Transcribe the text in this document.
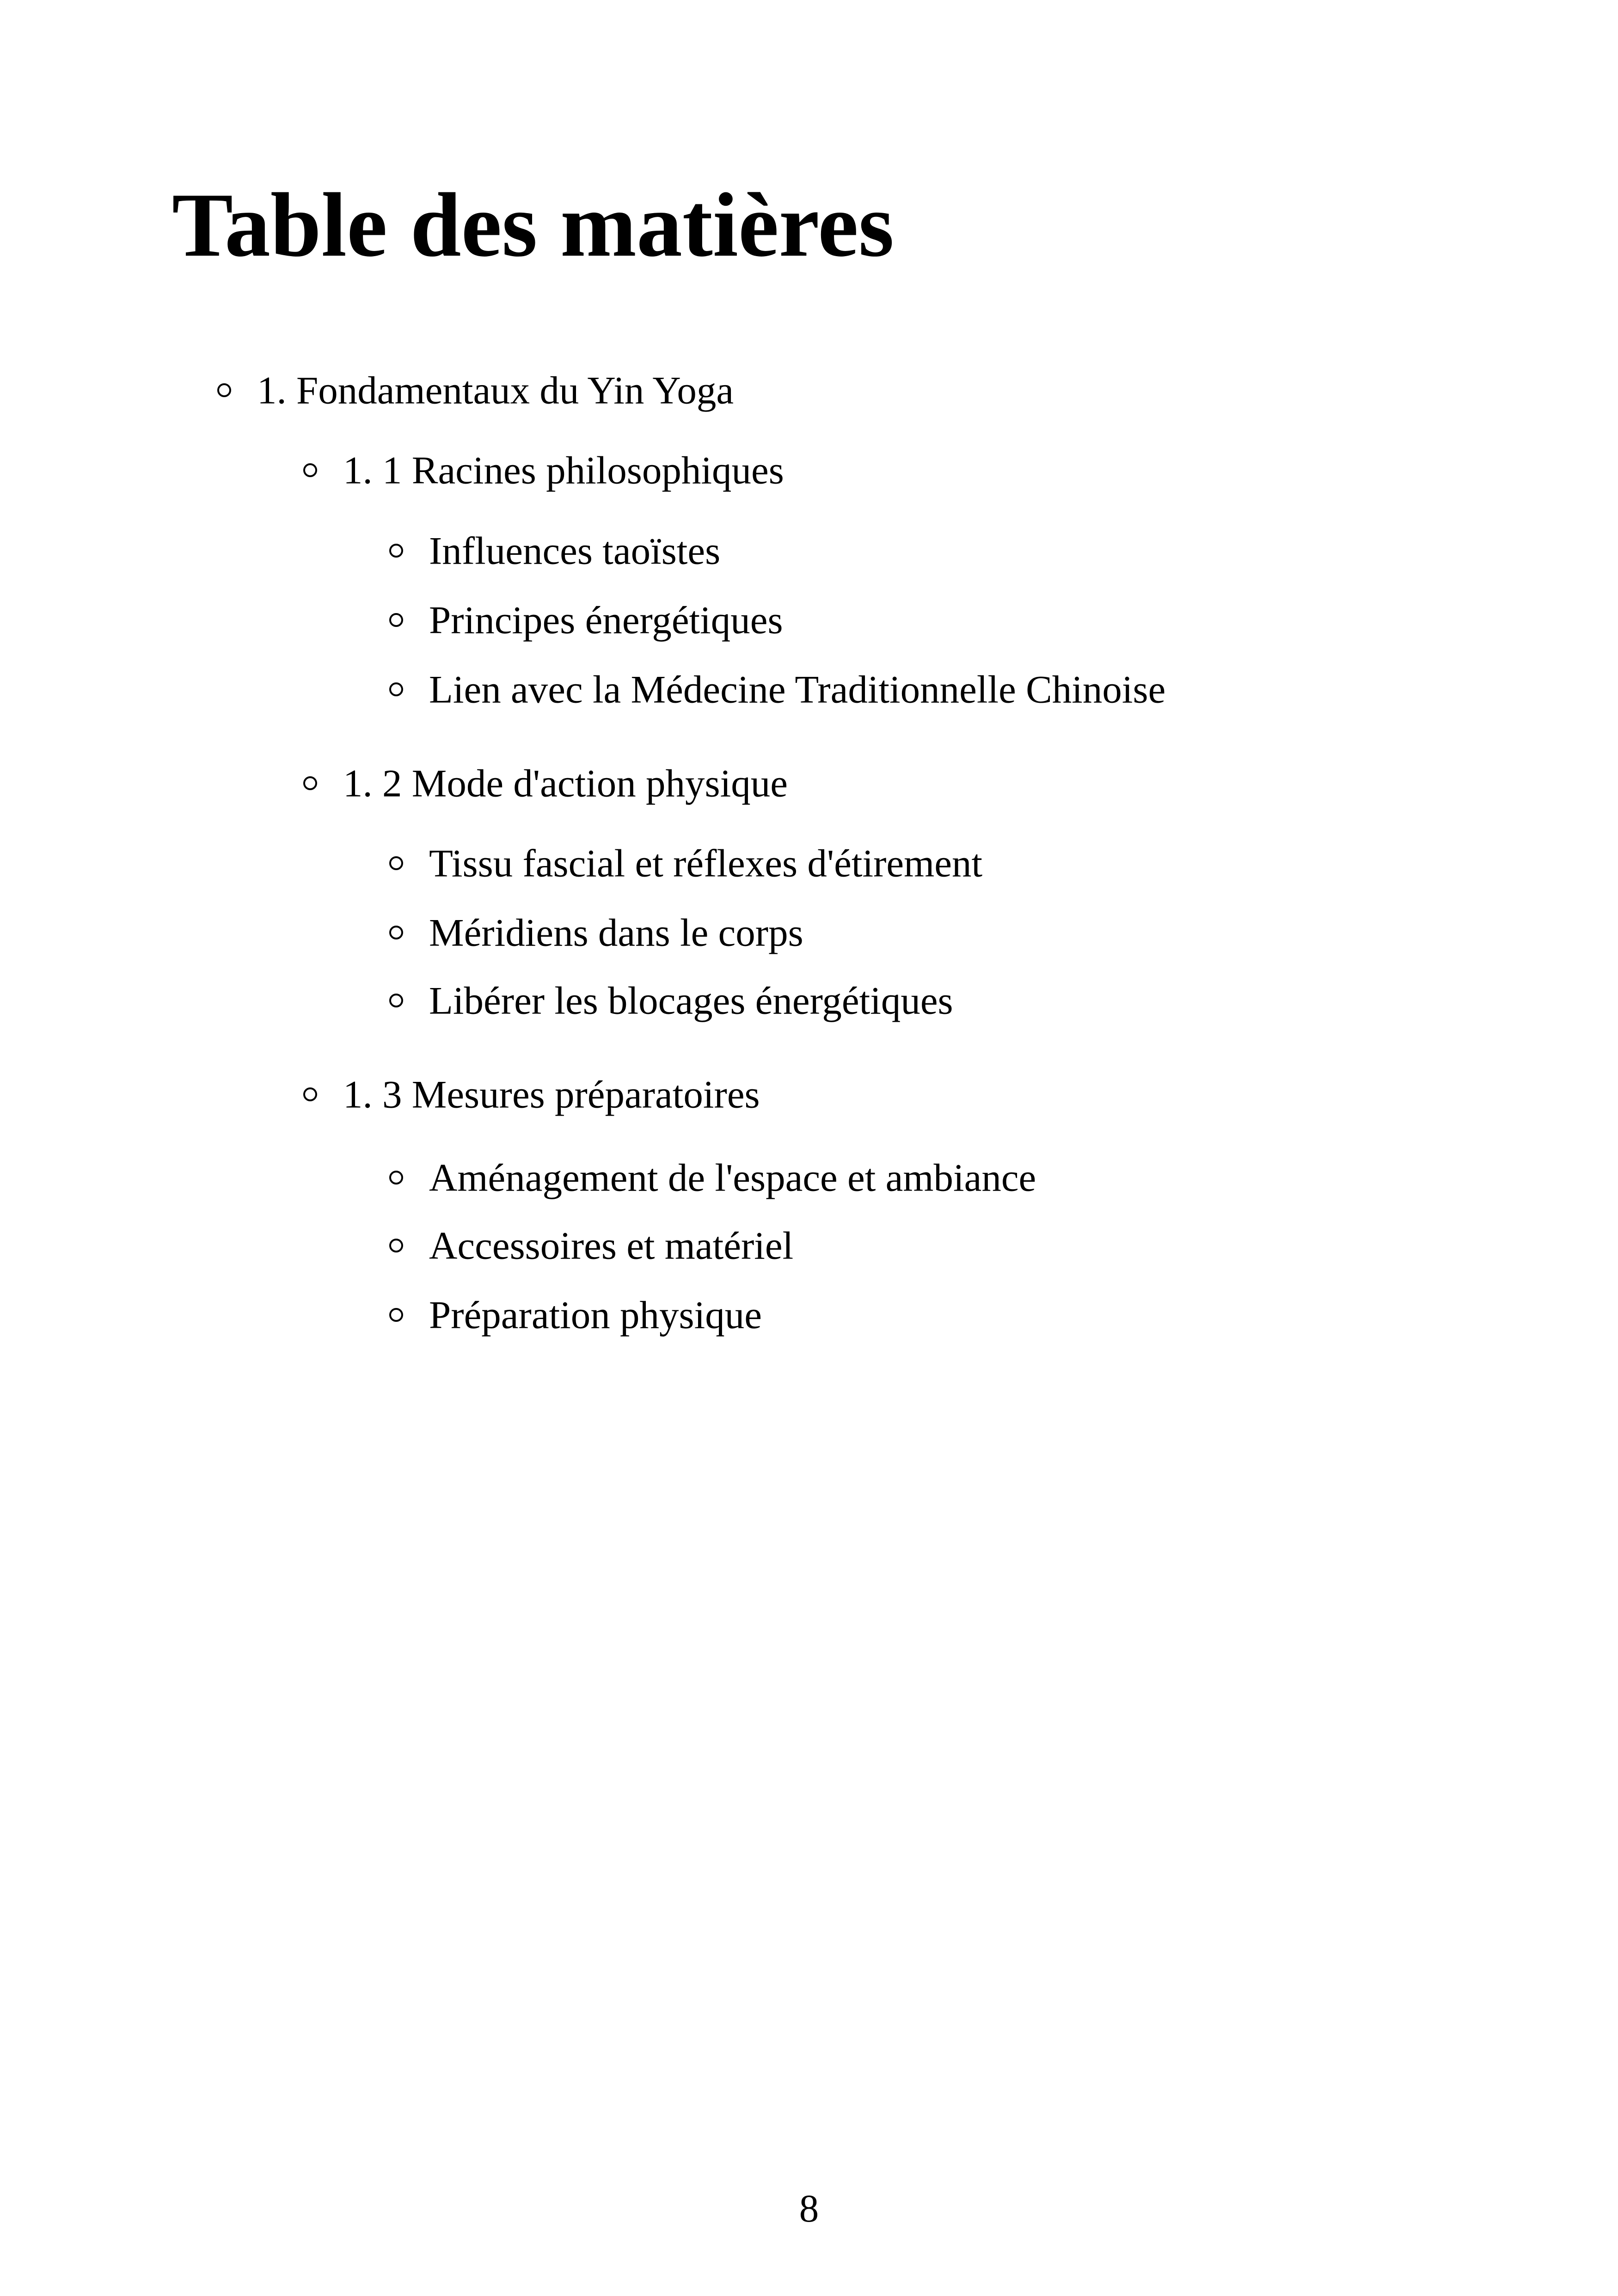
Table des matières
1. Fondamentaux du Yin Yoga
1. 1 Racines philosophiques
Influences taoïstes
Principes énergétiques
Lien avec la Médecine Traditionnelle Chinoise
1. 2 Mode d'action physique
Tissu fascial et réflexes d'étirement
Méridiens dans le corps
Libérer les blocages énergétiques
1. 3 Mesures préparatoires
Aménagement de l'espace et ambiance
Accessoires et matériel
Préparation physique
8
